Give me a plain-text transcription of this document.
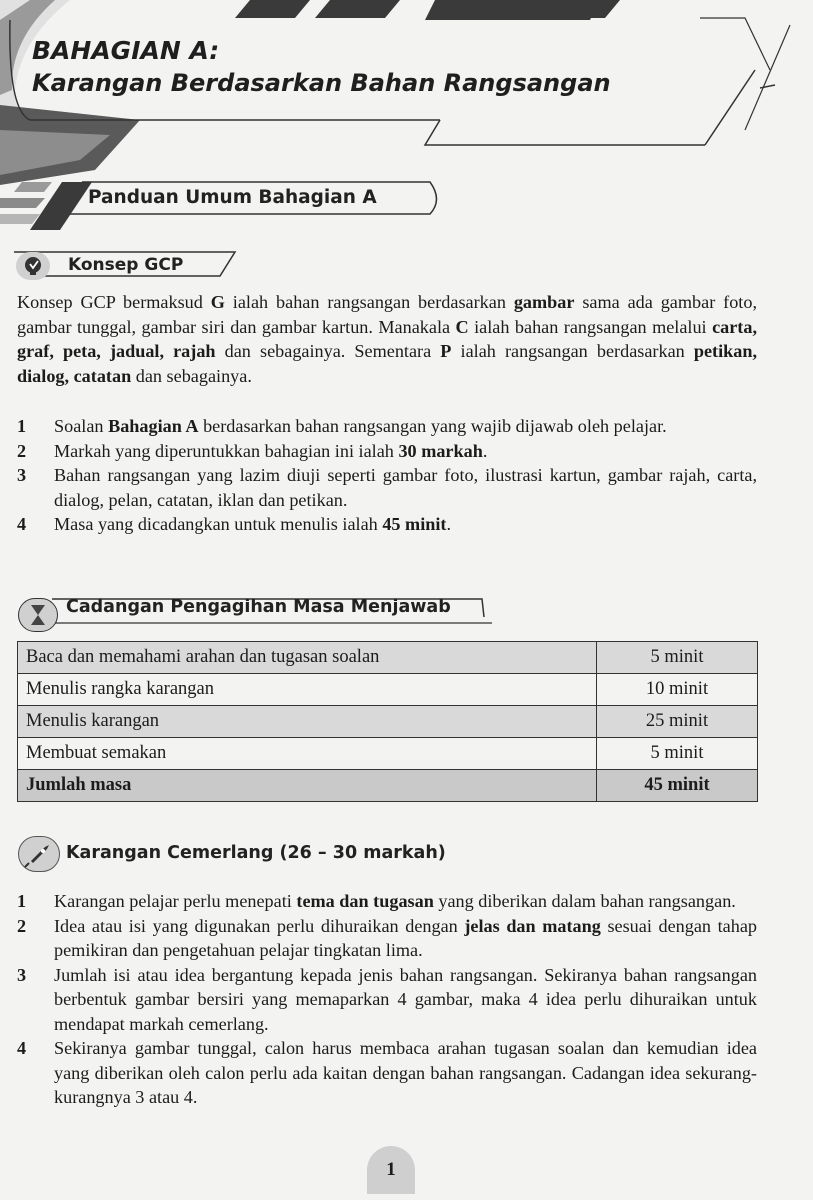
BAHAGIAN A:
Karangan Berdasarkan Bahan Rangsangan
Panduan Umum Bahagian A
Konsep GCP
Konsep GCP bermaksud G ialah bahan rangsangan berdasarkan gambar sama ada gambar foto, gambar tunggal, gambar siri dan gambar kartun. Manakala C ialah bahan rangsangan melalui carta, graf, peta, jadual, rajah dan sebagainya. Sementara P ialah rangsangan berdasarkan petikan, dialog, catatan dan sebagainya.
1	Soalan Bahagian A berdasarkan bahan rangsangan yang wajib dijawab oleh pelajar.
2	Markah yang diperuntukkan bahagian ini ialah 30 markah.
3	Bahan rangsangan yang lazim diuji seperti gambar foto, ilustrasi kartun, gambar rajah, carta, dialog, pelan, catatan, iklan dan petikan.
4	Masa yang dicadangkan untuk menulis ialah 45 minit.
Cadangan Pengagihan Masa Menjawab
Baca dan memahami arahan dan tugasan soalan	5 minit
Menulis rangka karangan	10 minit
Menulis karangan	25 minit
Membuat semakan	5 minit
Jumlah masa	45 minit
Karangan Cemerlang (26 – 30 markah)
1	Karangan pelajar perlu menepati tema dan tugasan yang diberikan dalam bahan rangsangan.
2	Idea atau isi yang digunakan perlu dihuraikan dengan jelas dan matang sesuai dengan tahap pemikiran dan pengetahuan pelajar tingkatan lima.
3	Jumlah isi atau idea bergantung kepada jenis bahan rangsangan. Sekiranya bahan rangsangan berbentuk gambar bersiri yang memaparkan 4 gambar, maka 4 idea perlu dihuraikan untuk mendapat markah cemerlang.
4	Sekiranya gambar tunggal, calon harus membaca arahan tugasan soalan dan kemudian idea yang diberikan oleh calon perlu ada kaitan dengan bahan rangsangan. Cadangan idea sekurang-kurangnya 3 atau 4.
1
